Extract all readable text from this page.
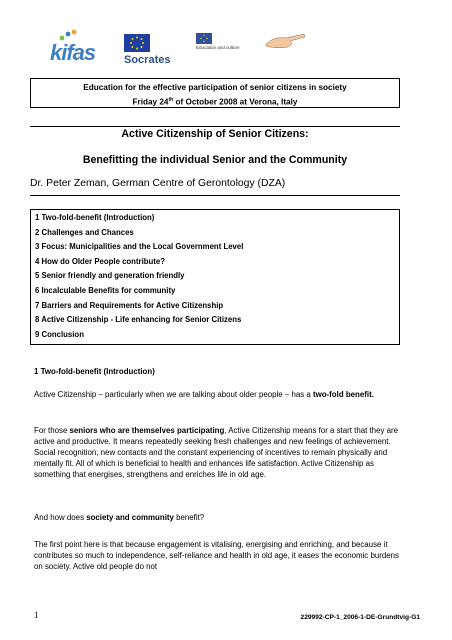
kifas	Socrates
Education and culture
Education for the effective participation of senior citizens in society
Friday 24th of October 2008 at Verona, Italy
Active Citizenship of Senior Citizens:
Benefitting the individual Senior and the Community
Dr. Peter Zeman, German Centre of Gerontology (DZA)
1 Two-fold-benefit (Introduction)
2 Challenges and Chances
3 Focus: Municipalities and the Local Government Level
4 How do Older People contribute?
5 Senior friendly and generation friendly
6 Incalculable Benefits for community
7 Barriers and Requirements for Active Citizenship
8 Active Citizenship - Life enhancing for Senior Citizens
9 Conclusion

1 Two-fold-benefit (Introduction)

Active Citizenship – particularly when we are talking about older people – has a two-fold benefit.

For those seniors who are themselves participating, Active Citizenship means for a start that they are active and productive. It means repeatedly seeking fresh challenges and new feelings of achievement. Social recognition, new contacts and the constant experiencing of incentives to remain physically and mentally fit. All of which is beneficial to health and enhances life satisfaction. Active Citizenship as something that energises, strengthens and enriches life in old age.

And how does society and community benefit?

The first point here is that because engagement is vitalising, energising and enriching, and because it contributes so much to independence, self-reliance and health in old age, it eases the economic burdens on society. Active old people do not

1	229992-CP-1_2006-1-DE-Grundtvig-G1
